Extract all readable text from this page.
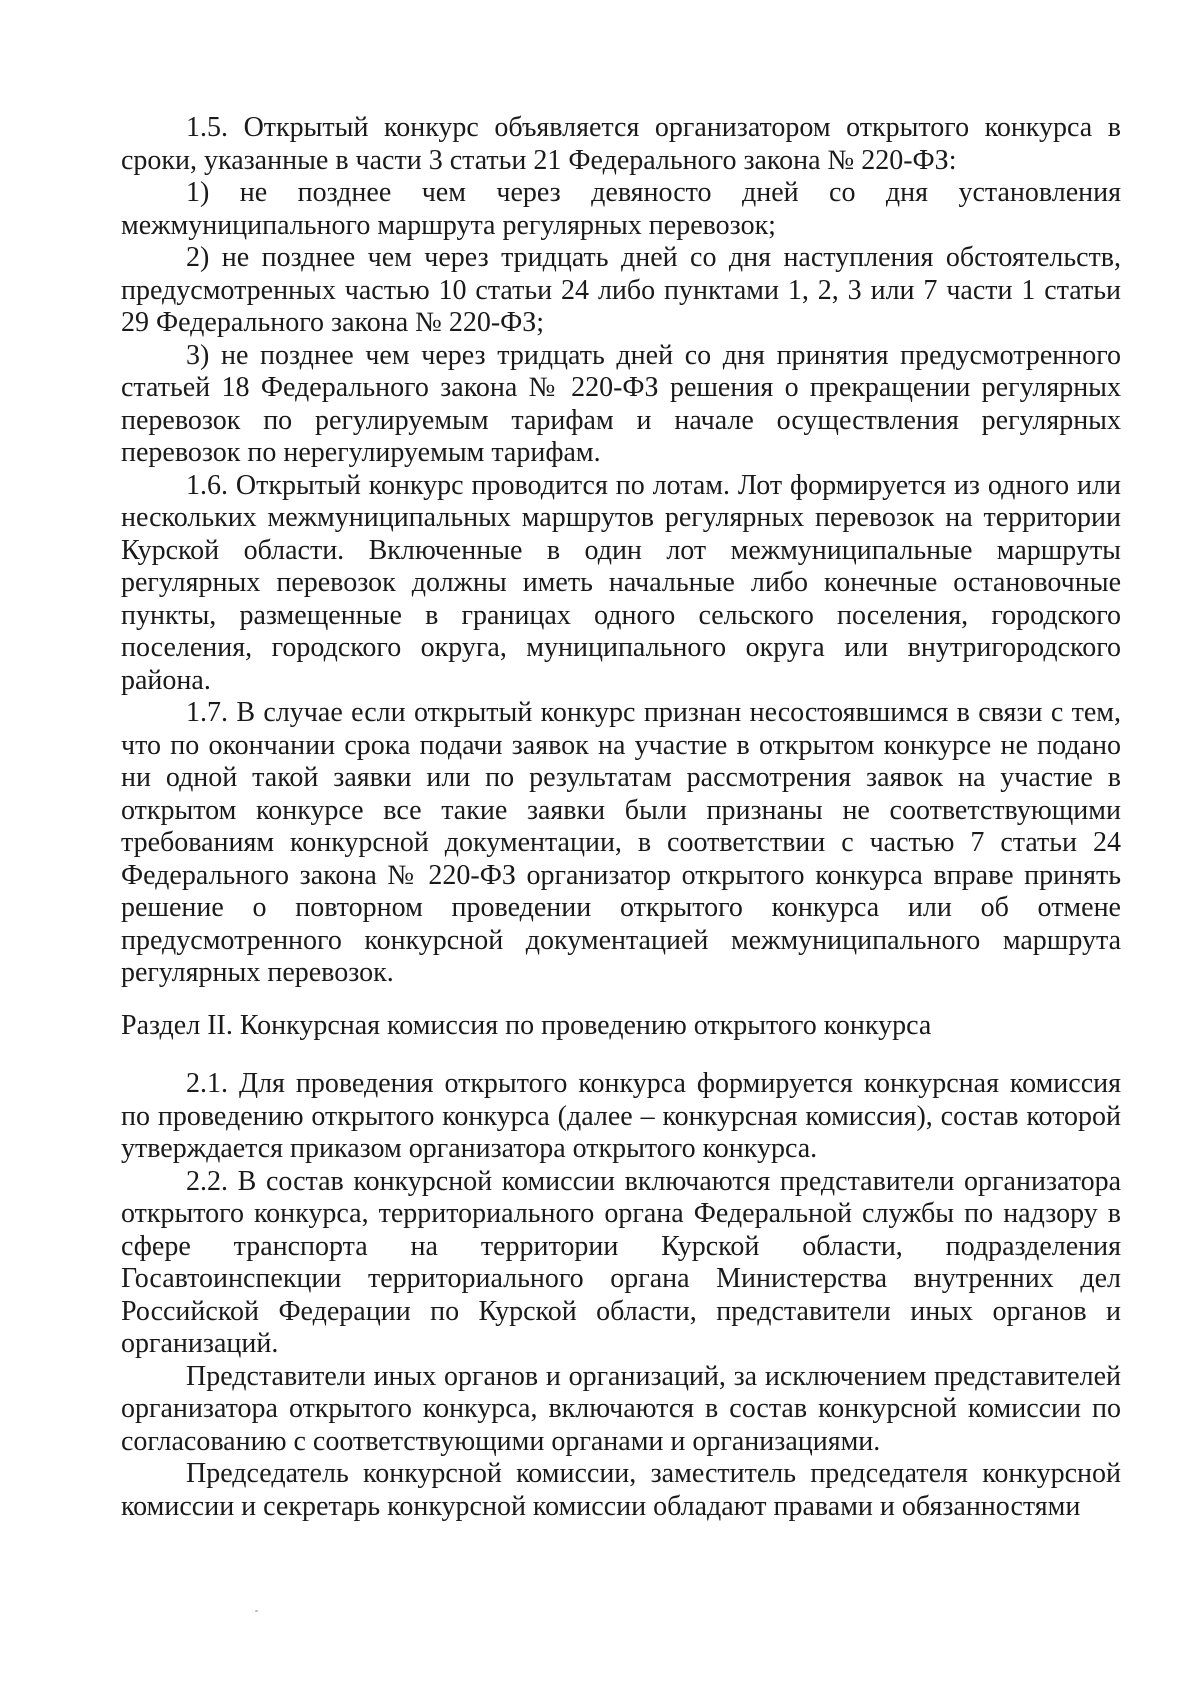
1.5. Открытый конкурс объявляется организатором открытого конкурса в сроки, указанные в части 3 статьи 21 Федерального закона № 220-ФЗ:

1) не позднее чем через девяносто дней со дня установления межмуниципального маршрута регулярных перевозок;

2) не позднее чем через тридцать дней со дня наступления обстоятельств, предусмотренных частью 10 статьи 24 либо пунктами 1, 2, 3 или 7 части 1 статьи 29 Федерального закона № 220-ФЗ;

3) не позднее чем через тридцать дней со дня принятия предусмотренного статьей 18 Федерального закона № 220-ФЗ решения о прекращении регулярных перевозок по регулируемым тарифам и начале осуществления регулярных перевозок по нерегулируемым тарифам.

1.6. Открытый конкурс проводится по лотам. Лот формируется из одного или нескольких межмуниципальных маршрутов регулярных перевозок на территории Курской области. Включенные в один лот межмуниципальные маршруты регулярных перевозок должны иметь начальные либо конечные остановочные пункты, размещенные в границах одного сельского поселения, городского поселения, городского округа, муниципального округа или внутригородского района.

1.7. В случае если открытый конкурс признан несостоявшимся в связи с тем, что по окончании срока подачи заявок на участие в открытом конкурсе не подано ни одной такой заявки или по результатам рассмотрения заявок на участие в открытом конкурсе все такие заявки были признаны не соответствующими требованиям конкурсной документации, в соответствии с частью 7 статьи 24 Федерального закона № 220-ФЗ организатор открытого конкурса вправе принять решение о повторном проведении открытого конкурса или об отмене предусмотренного конкурсной документацией межмуниципального маршрута регулярных перевозок.

Раздел II. Конкурсная комиссия по проведению открытого конкурса

2.1. Для проведения открытого конкурса формируется конкурсная комиссия по проведению открытого конкурса (далее – конкурсная комиссия), состав которой утверждается приказом организатора открытого конкурса.

2.2. В состав конкурсной комиссии включаются представители организатора открытого конкурса, территориального органа Федеральной службы по надзору в сфере транспорта на территории Курской области, подразделения Госавтоинспекции территориального органа Министерства внутренних дел Российской Федерации по Курской области, представители иных органов и организаций.

Представители иных органов и организаций, за исключением представителей организатора открытого конкурса, включаются в состав конкурсной комиссии по согласованию с соответствующими органами и организациями.

Председатель конкурсной комиссии, заместитель председателя конкурсной комиссии и секретарь конкурсной комиссии обладают правами и обязанностями
